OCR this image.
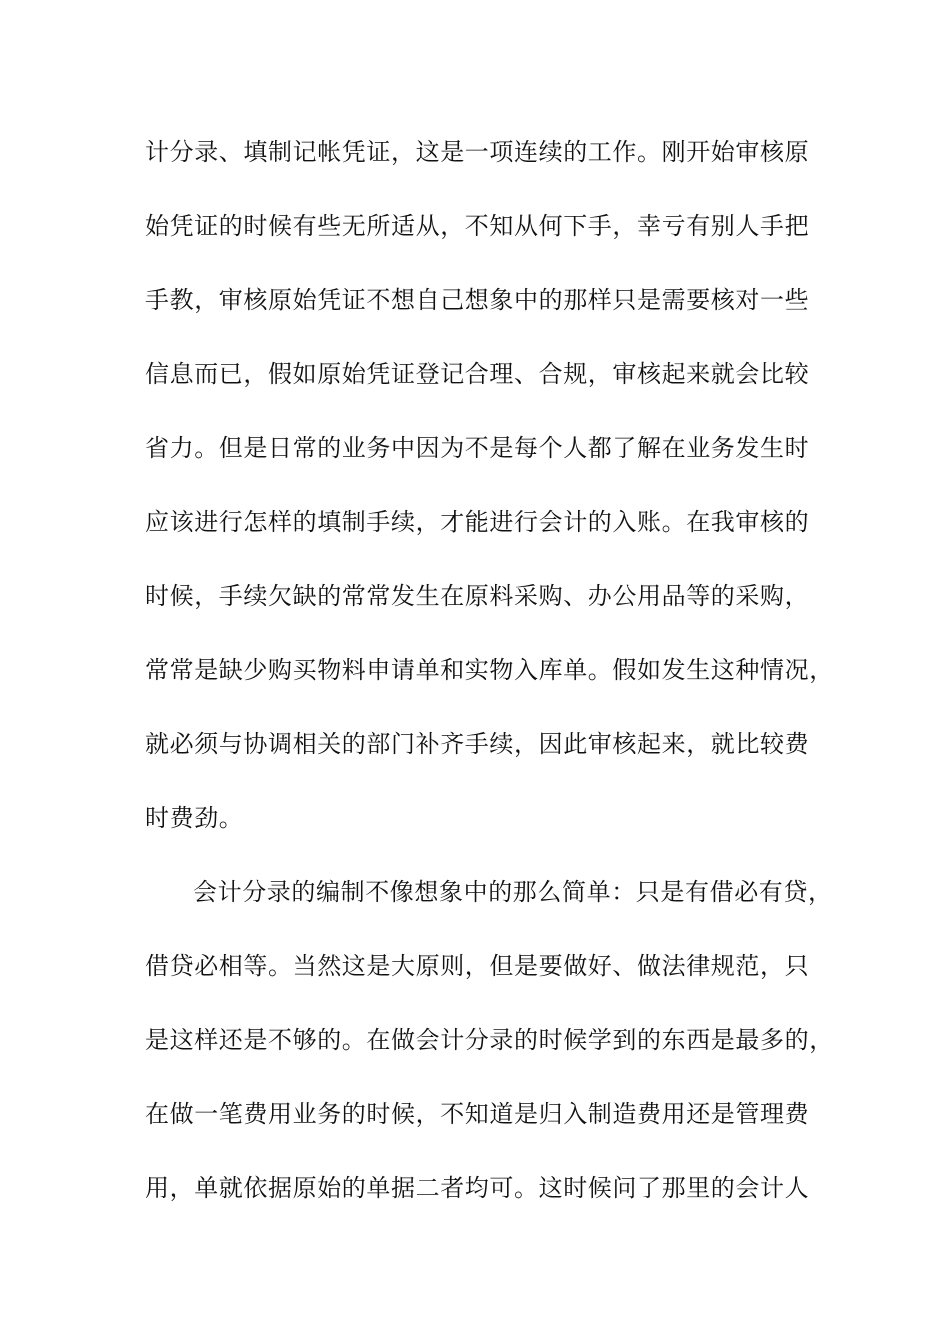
计分录、填制记帐凭证，这是一项连续的工作。刚开始审核原
始凭证的时候有些无所适从，不知从何下手，幸亏有别人手把
手教，审核原始凭证不想自己想象中的那样只是需要核对一些
信息而已，假如原始凭证登记合理、合规，审核起来就会比较
省力。但是日常的业务中因为不是每个人都了解在业务发生时
应该进行怎样的填制手续，才能进行会计的入账。在我审核的
时候，手续欠缺的常常发生在原料采购、办公用品等的采购，
常常是缺少购买物料申请单和实物入库单。假如发生这种情况，
就必须与协调相关的部门补齐手续，因此审核起来，就比较费
时费劲。
会计分录的编制不像想象中的那么简单：只是有借必有贷，
借贷必相等。当然这是大原则，但是要做好、做法律规范，只
是这样还是不够的。在做会计分录的时候学到的东西是最多的，
在做一笔费用业务的时候，不知道是归入制造费用还是管理费
用，单就依据原始的单据二者均可。这时候问了那里的会计人
